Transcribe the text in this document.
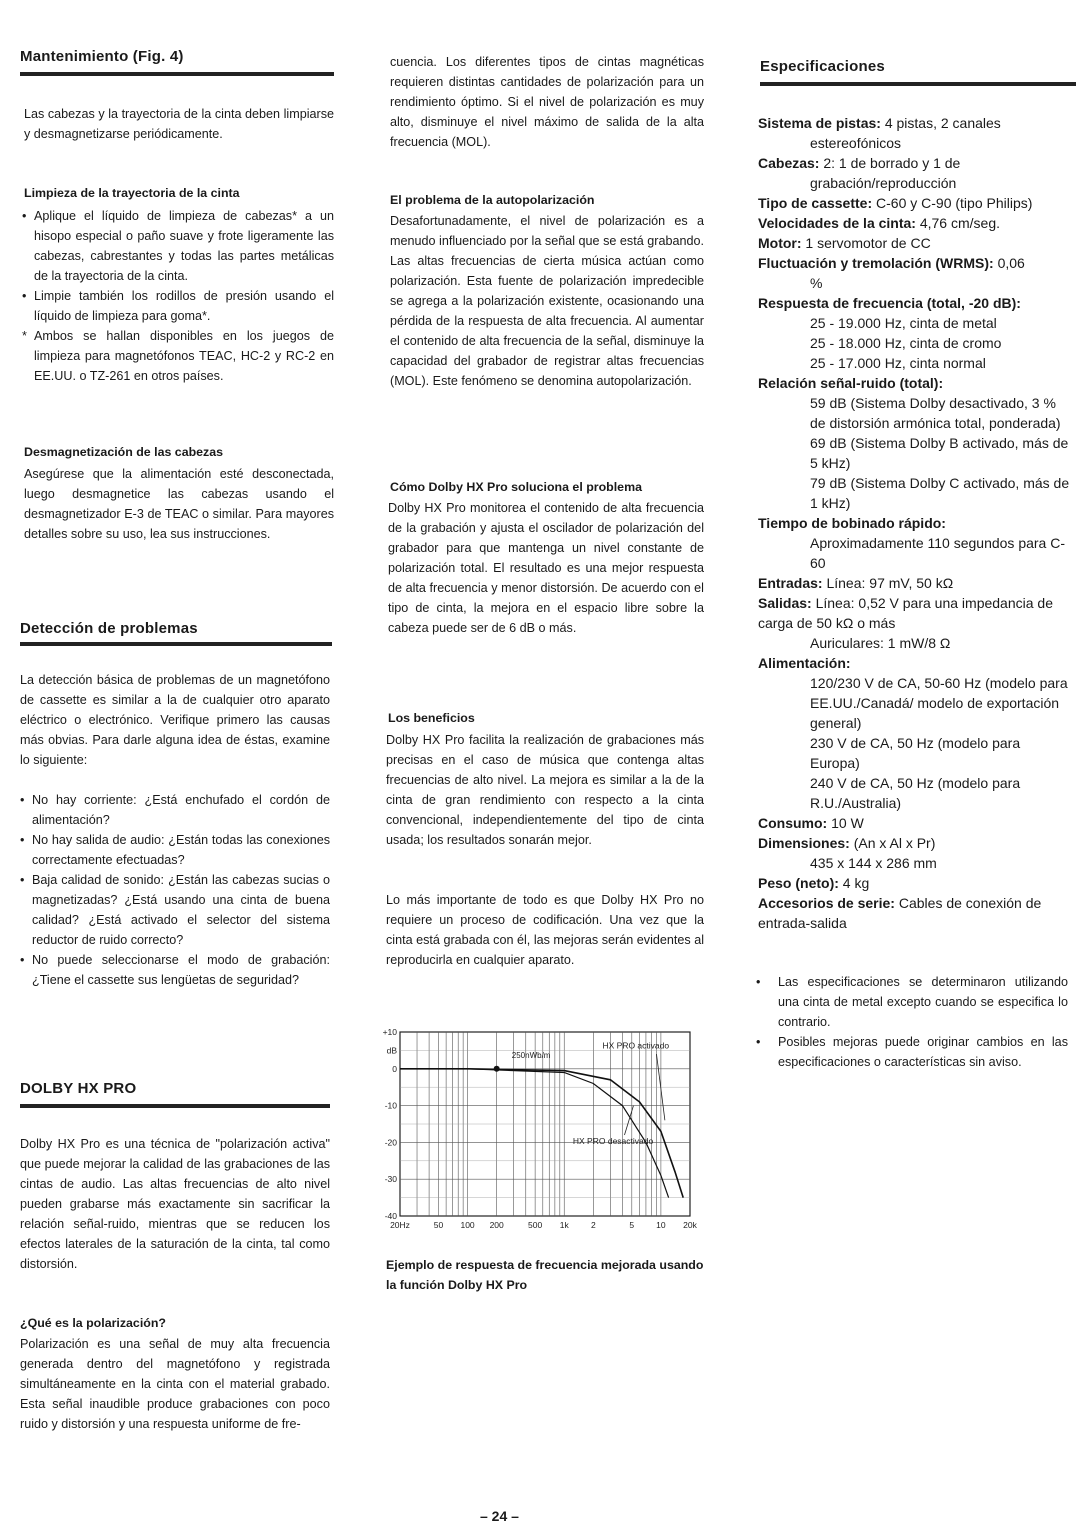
Mantenimiento (Fig. 4)

Las cabezas y la trayectoria de la cinta deben limpiarse y desmagnetizarse periódicamente.

Limpieza de la trayectoria de la cinta
• Aplique el líquido de limpieza de cabezas* a un hisopo especial o paño suave y frote ligeramente las cabezas, cabrestantes y todas las partes metálicas de la trayectoria de la cinta.
• Limpie también los rodillos de presión usando el líquido de limpieza para goma*.
* Ambos se hallan disponibles en los juegos de limpieza para magnetófonos TEAC, HC-2 y RC-2 en EE.UU. o TZ-261 en otros países.
Desmagnetización de las cabezas

Asegúrese que la alimentación esté desconectada, luego desmagnetice las cabezas usando el desmagnetizador E-3 de TEAC o similar. Para mayores detalles sobre su uso, lea sus instrucciones.

Detección de problemas

La detección básica de problemas de un magnetófono de cassette es similar a la de cualquier otro aparato eléctrico o electrónico. Verifique primero las causas más obvias. Para darle alguna idea de éstas, examine lo siguiente:

• No hay corriente: ¿Está enchufado el cordón de alimentación?
• No hay salida de audio: ¿Están todas las conexiones correctamente efectuadas?
• Baja calidad de sonido: ¿Están las cabezas sucias o magnetizadas? ¿Está usando una cinta de buena calidad? ¿Está activado el selector del sistema reductor de ruido correcto?
• No puede seleccionarse el modo de grabación: ¿Tiene el cassette sus lengüetas de seguridad?
DOLBY HX PRO

Dolby HX Pro es una técnica de "polarización activa" que puede mejorar la calidad de las grabaciones de las cintas de audio. Las altas frecuencias de alto nivel pueden grabarse más exactamente sin sacrificar la relación señal-ruido, mientras que se reducen los efectos laterales de la saturación de la cinta, tal como distorsión.

¿Qué es la polarización?

Polarización es una señal de muy alta frecuencia generada dentro del magnetófono y registrada simultáneamente en la cinta con el material grabado. Esta señal inaudible produce grabaciones con poco ruido y distorsión y una respuesta uniforme de fre-

cuencia. Los diferentes tipos de cintas magnéticas requieren distintas cantidades de polarización para un rendimiento óptimo. Si el nivel de polarización es muy alto, disminuye el nivel máximo de salida de la alta frecuencia (MOL).

El problema de la autopolarización

Desafortunadamente, el nivel de polarización es a menudo influenciado por la señal que se está grabando. Las altas frecuencias de cierta música actúan como polarización. Esta fuente de polarización impredecible se agrega a la polarización existente, ocasionando una pérdida de la respuesta de alta frecuencia. Al aumentar el contenido de alta frecuencia de la señal, disminuye la capacidad del grabador de registrar altas frecuencias (MOL). Este fenómeno se denomina autopolarización.

Cómo Dolby HX Pro soluciona el problema

Dolby HX Pro monitorea el contenido de alta frecuencia de la grabación y ajusta el oscilador de polarización del grabador para que mantenga un nivel constante de polarización total. El resultado es una mejor respuesta de alta frecuencia y menor distorsión. De acuerdo con el tipo de cinta, la mejora en el espacio libre sobre la cabeza puede ser de 6 dB o más.

Los beneficios

Dolby HX Pro facilita la realización de grabaciones más precisas en el caso de música que contenga altas frecuencias de alto nivel. La mejora es similar a la de la cinta de gran rendimiento con respecto a la cinta convencional, independientemente del tipo de cinta usada; los resultados sonarán mejor.

Lo más importante de todo es que Dolby HX Pro no requiere un proceso de codificación. Una vez que la cinta está grabada con él, las mejoras serán evidentes al reproducirla en cualquier aparato.

+10
dB
0
-10
-20
-30
-40
20Hz	50 100 200	500 1k	2	5	10 20k
250nWb/m
HX PRO activado
HX PRO desactivado
Ejemplo de respuesta de frecuencia mejorada usando la función Dolby HX Pro
Especificaciones
Sistema de pistas: 4 pistas, 2 canales
estereofónicos
Cabezas: 2: 1 de borrado y 1 de
grabación/reproducción
Tipo de cassette: C-60 y C-90 (tipo Philips)
Velocidades de la cinta: 4,76 cm/seg.
Motor: 1 servomotor de CC
Fluctuación y tremolación (WRMS): 0,06
%
Respuesta de frecuencia (total, -20 dB):
25 - 19.000 Hz, cinta de metal
25 - 18.000 Hz, cinta de cromo
25 - 17.000 Hz, cinta normal
Relación señal-ruido (total):
59 dB (Sistema Dolby desactivado, 3 % de distorsión armónica total, ponderada)
69 dB (Sistema Dolby B activado, más de 5 kHz)
79 dB (Sistema Dolby C activado, más de 1 kHz)
Tiempo de bobinado rápido:
Aproximadamente 110 segundos para C-60
Entradas: Línea: 97 mV, 50 kΩ
Salidas: Línea: 0,52 V para una impedancia de carga de 50 kΩ o más
Auriculares: 1 mW/8 Ω
Alimentación:
120/230 V de CA, 50-60 Hz (modelo para EE.UU./Canadá/ modelo de exportación general)
230 V de CA, 50 Hz (modelo para Europa)
240 V de CA, 50 Hz (modelo para R.U./Australia)
Consumo: 10 W
Dimensiones: (An x Al x Pr)
435 x 144 x 286 mm
Peso (neto): 4 kg
Accesorios de serie: Cables de conexión de entrada-salida
• Las especificaciones se determinaron utilizando una cinta de metal excepto cuando se especifica lo contrario.
• Posibles mejoras puede originar cambios en las especificaciones o características sin aviso.
– 24 –
